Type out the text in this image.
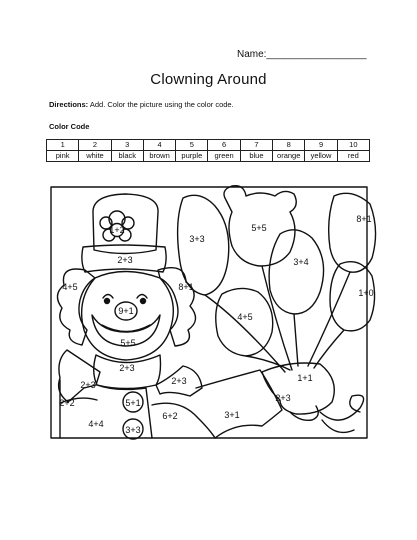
Name:__________________
Clowning Around
Directions: Add. Color the picture using the color code.
Color Code
1	2	3	4	5	6	7	8	9	10
pink	white	black	brown	purple	green	blue	orange	yellow	red
1+2
2+3
3+3
4+5	8+1
9+1
5+5
2+3
5+5
3+4
8+1
1+0
4+5
1+1
2+3	2+3
2+2	5+1
3+3
4+4
6+2	3+1
2+3
